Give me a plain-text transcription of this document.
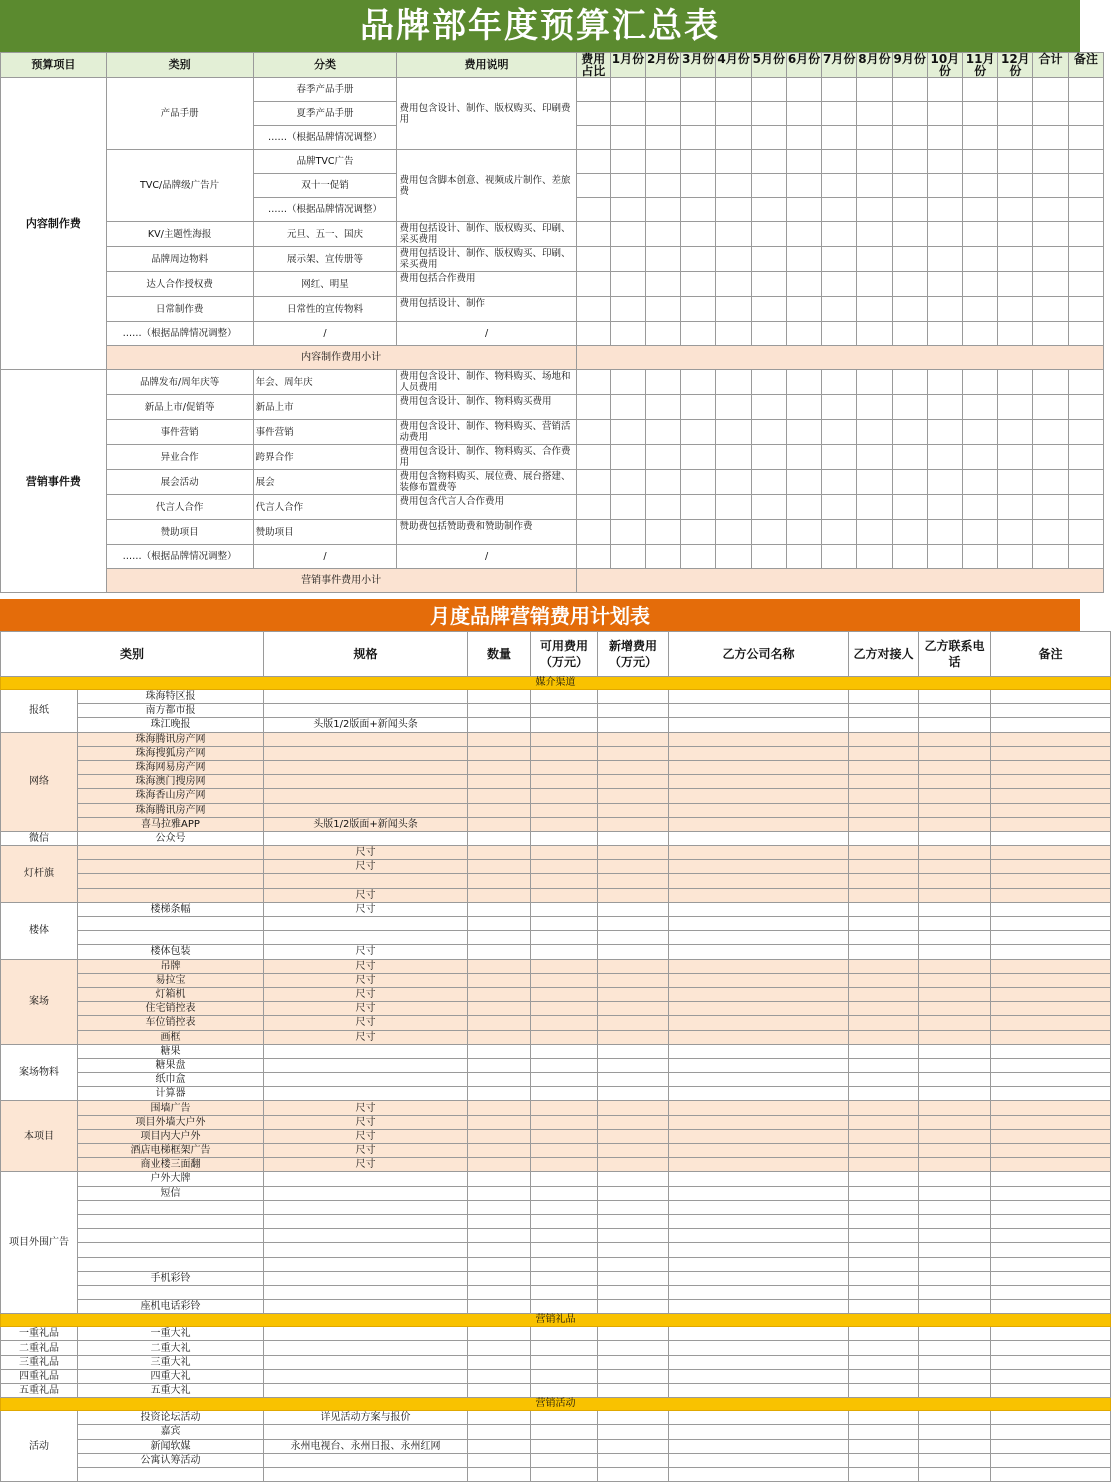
品牌部年度预算汇总表
预算项目	类别	分类	费用说明	费用占比	1月份	2月份	3月份	4月份	5月份	6月份	7月份	8月份	9月份	10月份	11月份	12月份	合计	备注
内容制作费	产品手册	春季产品手册	费用包含设计、制作、版权购买、印刷费用															
		夏季产品手册																
		……（根据品牌情况调整）																
	TVC/品牌级广告片	品牌TVC广告	费用包含脚本创意、视频成片制作、差旅费															
		双十一促销																
		……（根据品牌情况调整）																
	KV/主题性海报	元旦、五一、国庆	费用包括设计、制作、版权购买、印刷、采买费用															
	品牌周边物料	展示架、宣传册等	费用包括设计、制作、版权购买、印刷、采买费用															
	达人合作授权费	网红、明星	费用包括合作费用															
	日常制作费	日常性的宣传物料	费用包括设计、制作															
	……（根据品牌情况调整）	/	/															
	内容制作费用小计																	
营销事件费	品牌发布/周年庆等	年会、周年庆	费用包含设计、制作、物料购买、场地和人员费用															
	新品上市/促销等	新品上市	费用包含设计、制作、物料购买费用															
	事件营销	事件营销	费用包含设计、制作、物料购买、营销活动费用															
	异业合作	跨界合作	费用包含设计、制作、物料购买、合作费用															
	展会活动	展会	费用包含物料购买、展位费、展台搭建、装修布置费等															
	代言人合作	代言人合作	费用包含代言人合作费用															
	赞助项目	赞助项目	赞助费包括赞助费和赞助制作费															
	……（根据品牌情况调整）	/	/															
	营销事件费用小计																	
月度品牌营销费用计划表
类别		规格	数量	可用费用（万元）	新增费用（万元）	乙方公司名称	乙方对接人	乙方联系电话	备注
媒介渠道									
报纸	珠海特区报								
	南方都市报								
	珠江晚报	头版1/2版面+新闻头条							
网络	珠海腾讯房产网								
	珠海搜狐房产网								
	珠海网易房产网								
	珠海澳门搜房网								
	珠海香山房产网								
	珠海腾讯房产网								
	喜马拉雅APP	头版1/2版面+新闻头条							
微信	公众号								
灯杆旗		尺寸							
		尺寸							

		尺寸							
楼体	楼梯条幅	尺寸							

	楼体包装	尺寸							
案场	吊牌	尺寸							
	易拉宝	尺寸							
	灯箱机	尺寸							
	住宅销控表	尺寸							
	车位销控表	尺寸							
	画框	尺寸							
案场物料	糖果								
	糖果盘								
	纸巾盒								
	计算器								
本项目	围墙广告	尺寸							
	项目外墙大户外	尺寸							
	项目内大户外	尺寸							
	酒店电梯框架广告	尺寸							
	商业楼三面翻	尺寸							
项目外围广告	户外大牌								
	短信								

	手机彩铃								

	座机电话彩铃								
营销礼品									
一重礼品	一重大礼								
二重礼品	二重大礼								
三重礼品	三重大礼								
四重礼品	四重大礼								
五重礼品	五重大礼								
营销活动									
活动	投资论坛活动	详见活动方案与报价							
	嘉宾								
	新闻软媒	永州电视台、永州日报、永州红网							
	公寓认筹活动								
